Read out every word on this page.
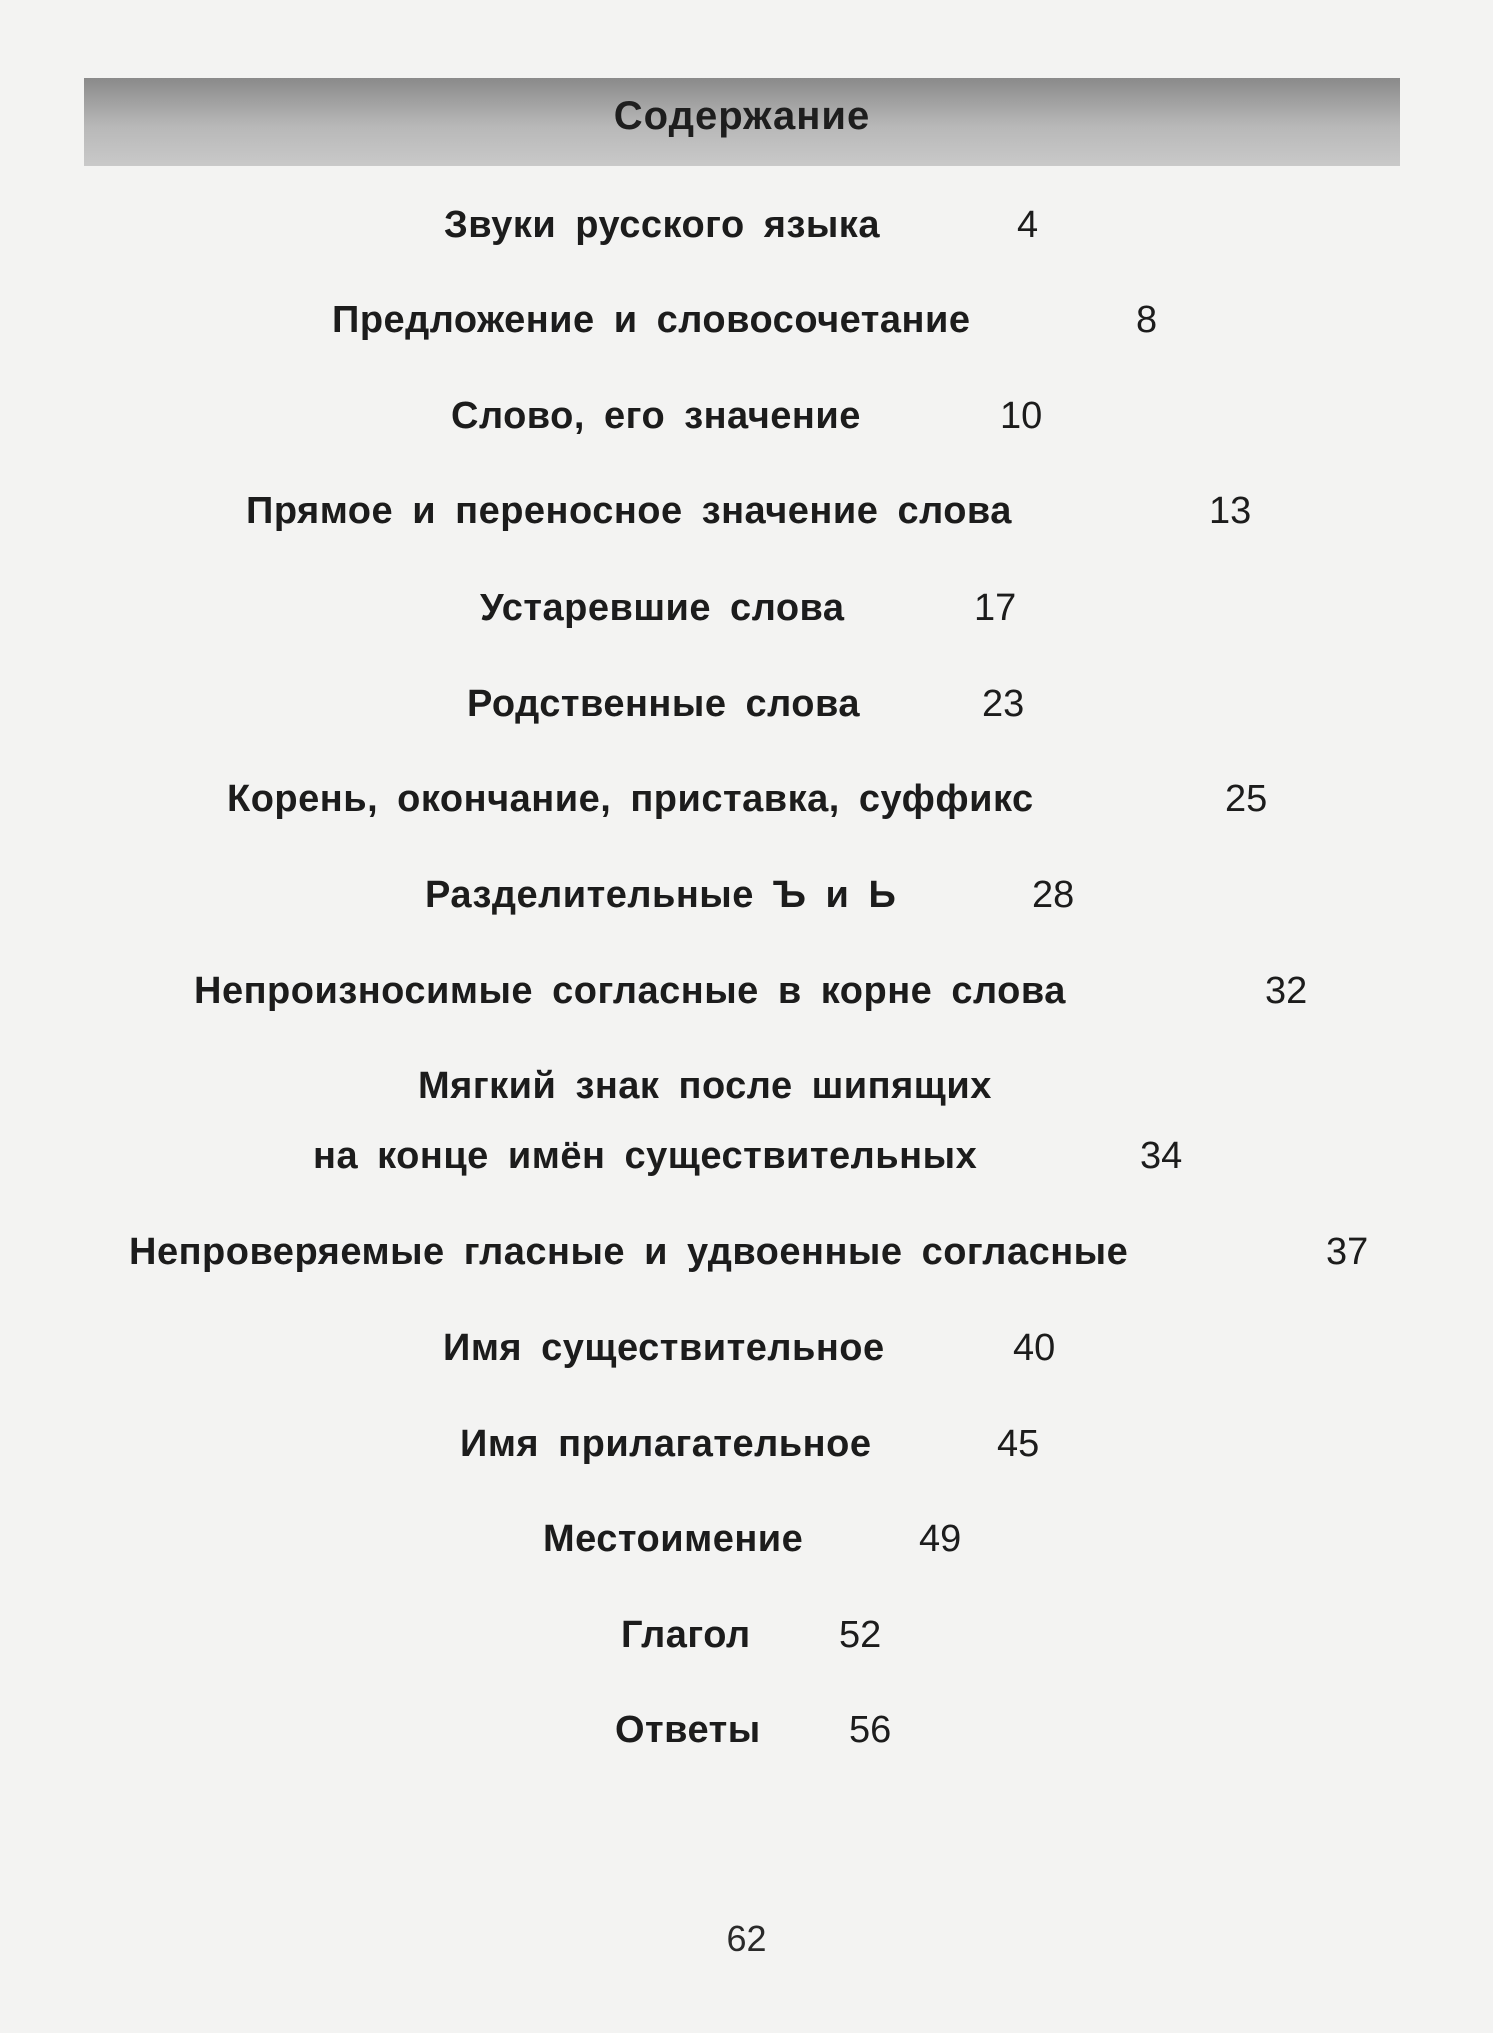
Содержание
Звуки русского языка	4
Предложение и словосочетание	8
Слово, его значение	10
Прямое и переносное значение слова	13
Устаревшие слова	17
Родственные слова	23
Корень, окончание, приставка, суффикс	25
Разделительные Ъ и Ь	28
Непроизносимые согласные в корне слова	32
Мягкий знак после шипящих
на конце имён существительных	34
Непроверяемые гласные и удвоенные согласные	37
Имя существительное	40
Имя прилагательное	45
Местоимение	49
Глагол 52
Ответы 56
62
